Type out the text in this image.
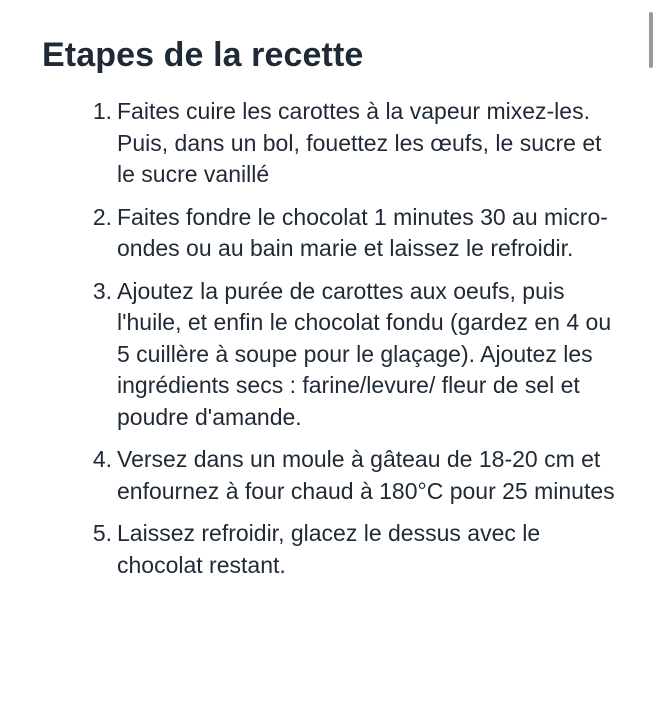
Etapes de la recette
1. Faites cuire les carottes à la vapeur mixez-les. Puis, dans un bol, fouettez les œufs, le sucre et le sucre vanillé
2. Faites fondre le chocolat 1 minutes 30 au micro-ondes ou au bain marie et laissez le refroidir.
3. Ajoutez la purée de carottes aux oeufs, puis l'huile, et enfin le chocolat fondu (gardez en 4 ou 5 cuillère à soupe pour le glaçage). Ajoutez les ingrédients secs : farine/levure/ fleur de sel et poudre d'amande.
4. Versez dans un moule à gâteau de 18-20 cm et enfournez à four chaud à 180°C pour 25 minutes
5. Laissez refroidir, glacez le dessus avec le chocolat restant.
